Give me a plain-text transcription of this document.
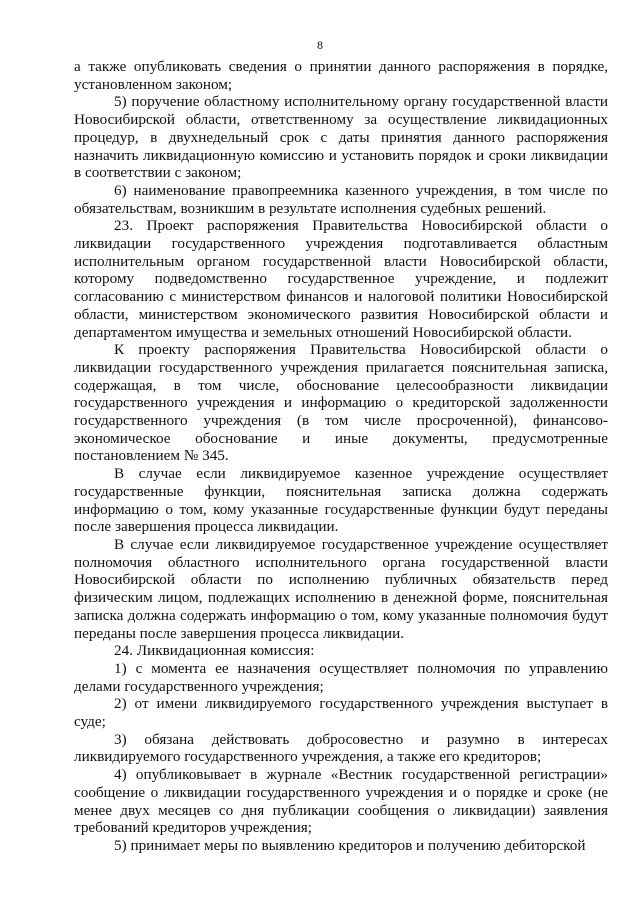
8

а также опубликовать сведения о принятии данного распоряжения в порядке, установленном законом;

5) поручение областному исполнительному органу государственной власти Новосибирской области, ответственному за осуществление ликвидационных процедур, в двухнедельный срок с даты принятия данного распоряжения назначить ликвидационную комиссию и установить порядок и сроки ликвидации в соответствии с законом;

6) наименование правопреемника казенного учреждения, в том числе по обязательствам, возникшим в результате исполнения судебных решений.

23. Проект распоряжения Правительства Новосибирской области о ликвидации государственного учреждения подготавливается областным исполнительным органом государственной власти Новосибирской области, которому подведомственно государственное учреждение, и подлежит согласованию с министерством финансов и налоговой политики Новосибирской области, министерством экономического развития Новосибирской области и департаментом имущества и земельных отношений Новосибирской области.

К проекту распоряжения Правительства Новосибирской области о ликвидации государственного учреждения прилагается пояснительная записка, содержащая, в том числе, обоснование целесообразности ликвидации государственного учреждения и информацию о кредиторской задолженности государственного учреждения (в том числе просроченной), финансово-экономическое обоснование и иные документы, предусмотренные постановлением № 345.

В случае если ликвидируемое казенное учреждение осуществляет государственные функции, пояснительная записка должна содержать информацию о том, кому указанные государственные функции будут переданы после завершения процесса ликвидации.

В случае если ликвидируемое государственное учреждение осуществляет полномочия областного исполнительного органа государственной власти Новосибирской области по исполнению публичных обязательств перед физическим лицом, подлежащих исполнению в денежной форме, пояснительная записка должна содержать информацию о том, кому указанные полномочия будут переданы после завершения процесса ликвидации.

24. Ликвидационная комиссия:

1) с момента ее назначения осуществляет полномочия по управлению делами государственного учреждения;

2) от имени ликвидируемого государственного учреждения выступает в суде;

3) обязана действовать добросовестно и разумно в интересах ликвидируемого государственного учреждения, а также его кредиторов;

4) опубликовывает в журнале «Вестник государственной регистрации» сообщение о ликвидации государственного учреждения и о порядке и сроке (не менее двух месяцев со дня публикации сообщения о ликвидации) заявления требований кредиторов учреждения;

5) принимает меры по выявлению кредиторов и получению дебиторской
